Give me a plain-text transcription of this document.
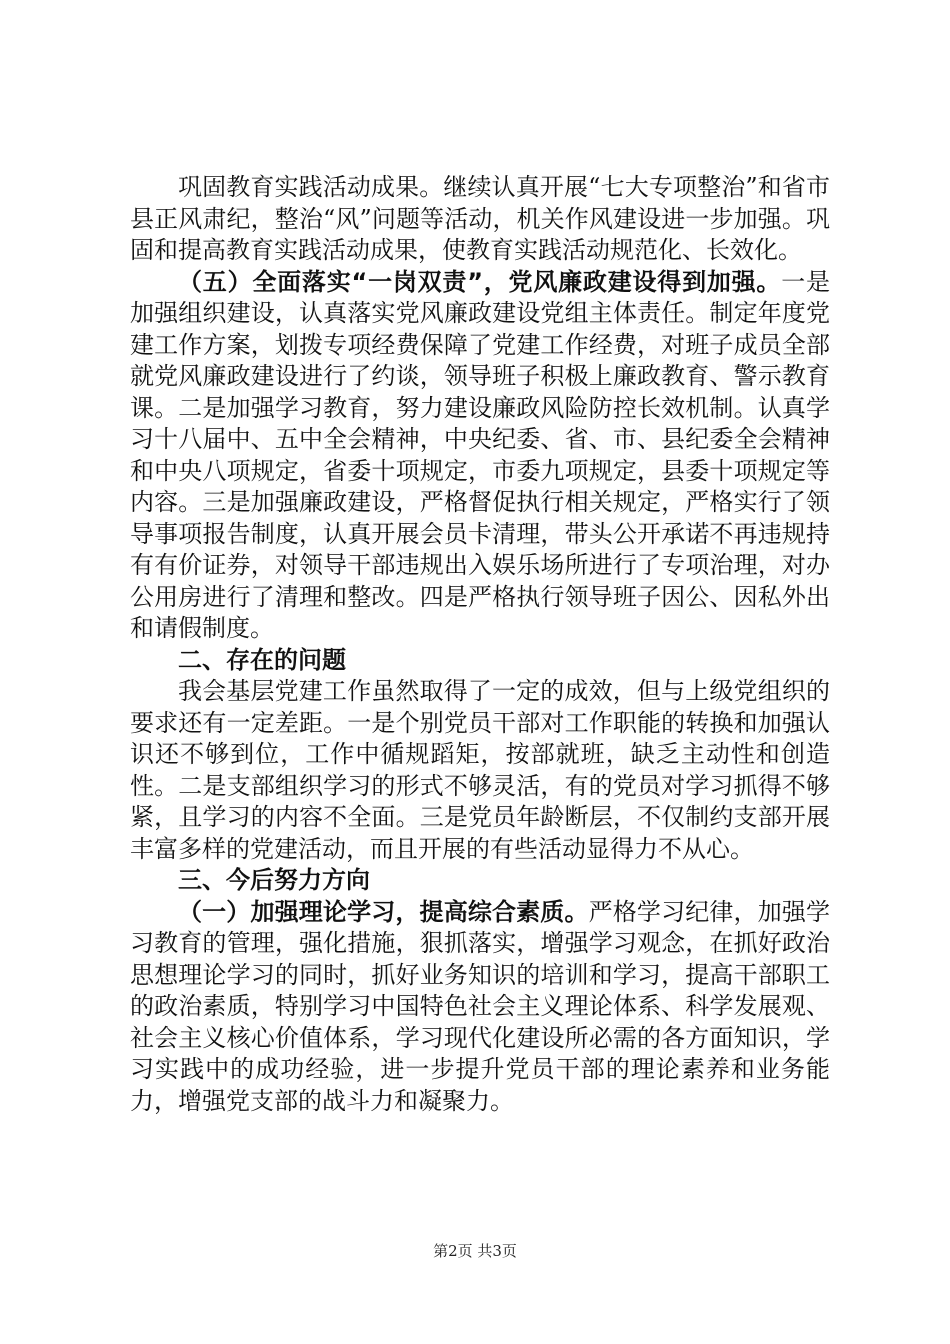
巩固教育实践活动成果。继续认真开展“七大专项整治”和省市县正风肃纪，整治“风”问题等活动，机关作风建设进一步加强。巩固和提高教育实践活动成果，使教育实践活动规范化、长效化。

（五）全面落实“一岗双责”，党风廉政建设得到加强。一是加强组织建设，认真落实党风廉政建设党组主体责任。制定年度党建工作方案，划拨专项经费保障了党建工作经费，对班子成员全部就党风廉政建设进行了约谈，领导班子积极上廉政教育、警示教育课。二是加强学习教育，努力建设廉政风险防控长效机制。认真学习十八届中、五中全会精神，中央纪委、省、市、县纪委全会精神和中央八项规定，省委十项规定，市委九项规定，县委十项规定等内容。三是加强廉政建设，严格督促执行相关规定，严格实行了领导事项报告制度，认真开展会员卡清理，带头公开承诺不再违规持有有价证券，对领导干部违规出入娱乐场所进行了专项治理，对办公用房进行了清理和整改。四是严格执行领导班子因公、因私外出和请假制度。

二、存在的问题

我会基层党建工作虽然取得了一定的成效，但与上级党组织的要求还有一定差距。一是个别党员干部对工作职能的转换和加强认识还不够到位，工作中循规蹈矩，按部就班，缺乏主动性和创造性。二是支部组织学习的形式不够灵活，有的党员对学习抓得不够紧，且学习的内容不全面。三是党员年龄断层，不仅制约支部开展丰富多样的党建活动，而且开展的有些活动显得力不从心。

三、今后努力方向

（一）加强理论学习，提高综合素质。严格学习纪律，加强学习教育的管理，强化措施，狠抓落实，增强学习观念，在抓好政治思想理论学习的同时，抓好业务知识的培训和学习，提高干部职工的政治素质，特别学习中国特色社会主义理论体系、科学发展观、社会主义核心价值体系，学习现代化建设所必需的各方面知识，学习实践中的成功经验，进一步提升党员干部的理论素养和业务能力，增强党支部的战斗力和凝聚力。

第2页 共3页
